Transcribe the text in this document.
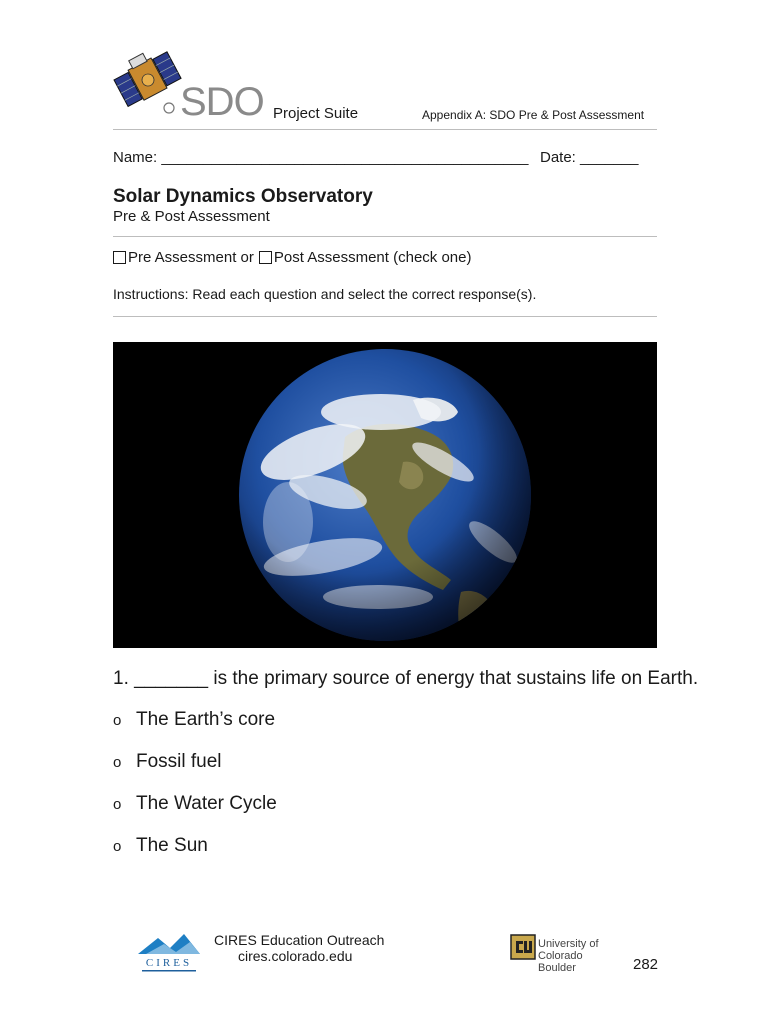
SDO Project Suite	Appendix A: SDO Pre & Post Assessment
Name: ____________________________________________ Date: _______
Solar Dynamics Observatory
Pre & Post Assessment
Pre Assessment or Post Assessment (check one)
Instructions: Read each question and select the correct response(s).
1. _______ is the primary source of energy that sustains life on Earth.
o The Earth’s core
o Fossil fuel
o The Water Cycle
o The Sun
CIRES
CIRES Education Outreach
cires.colorado.edu
University of Colorado
Boulder	282
